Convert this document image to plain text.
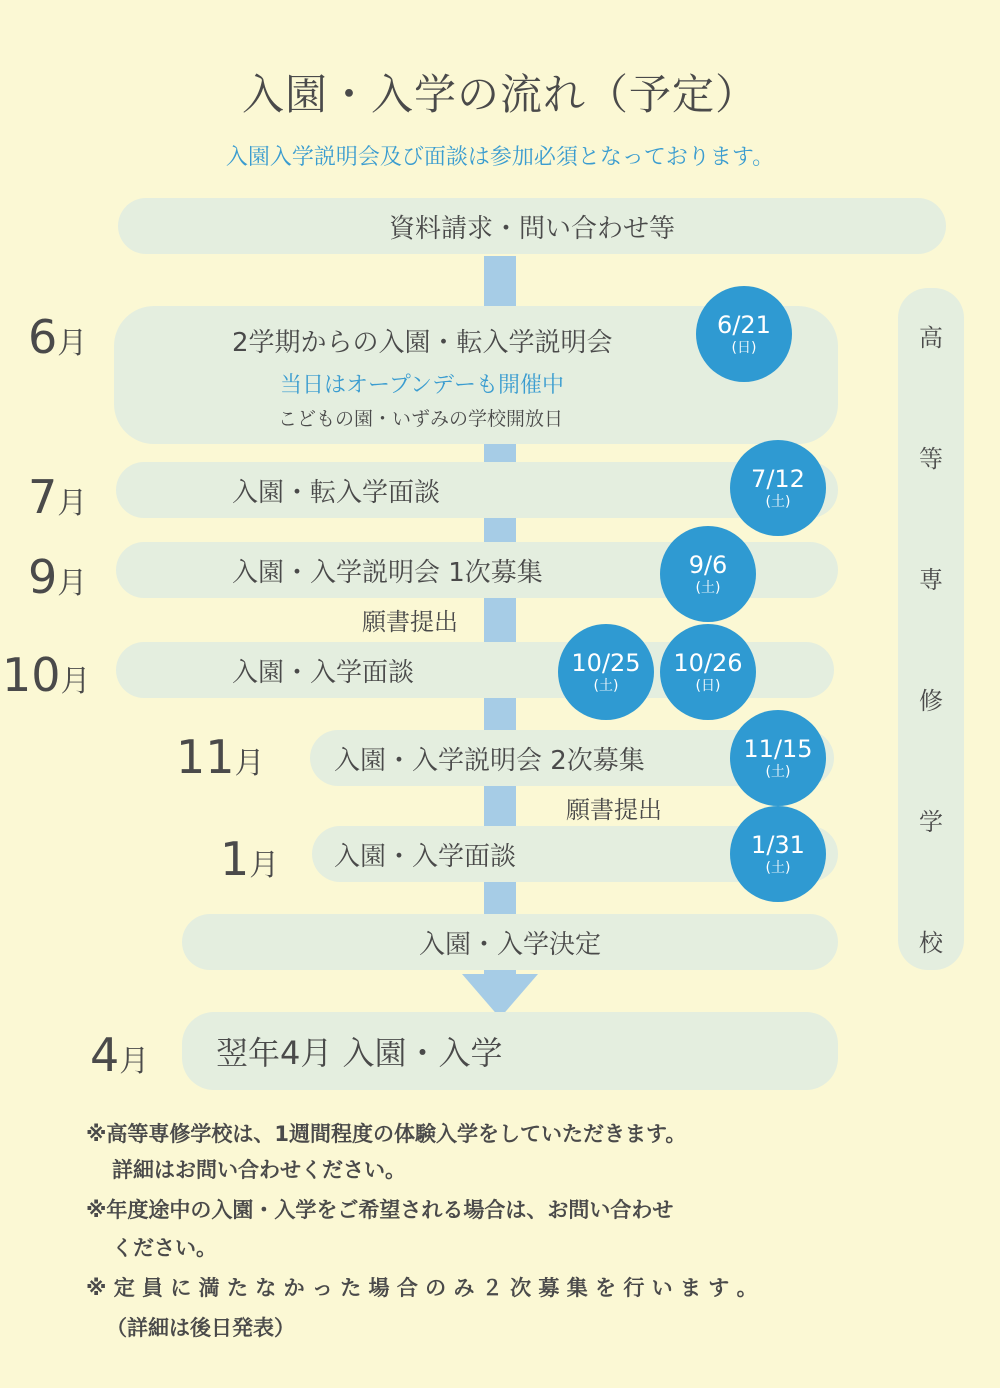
入園・入学の流れ（予定）
入園入学説明会及び面談は参加必須となっております。
高
等
専
修
学
校
資料請求・問い合わせ等
6月	2学期からの入園・転入学説明会
当日はオープンデーも開催中
こどもの園・いずみの学校開放日
6/21
(日)
7月	入園・転入学面談	7/12
(土)
9月	入園・入学説明会 1次募集
願書提出
9/6
(土)
10月	入園・入学面談	10/25
(土)
10/26
(日)
11月	入園・入学説明会 2次募集
願書提出
11/15
(土)
1月 入園・入学面談	1/31
(土)
入園・入学決定
4月 翌年4月 入園・入学
※高等専修学校は、1週間程度の体験入学をしていただきます。
詳細はお問い合わせください。
※年度途中の入園・入学をご希望される場合は、お問い合わせ
ください。
※ 定 員 に 満 た な か っ た 場 合 の み ２ 次 募 集 を 行 い ま す 。
（詳細は後日発表）
